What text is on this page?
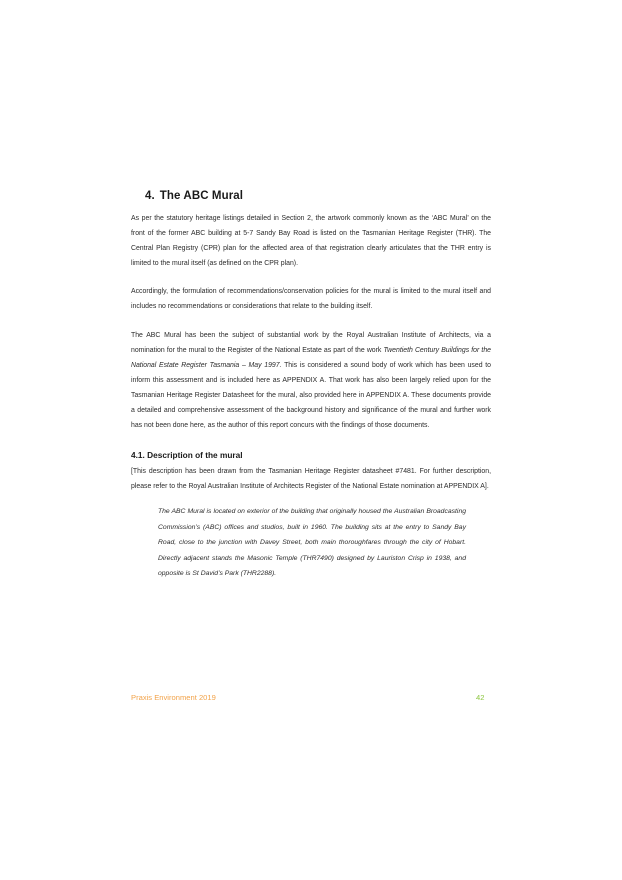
4. The ABC Mural

As per the statutory heritage listings detailed in Section 2, the artwork commonly known as the ‘ABC Mural’ on the front of the former ABC building at 5-7 Sandy Bay Road is listed on the Tasmanian Heritage Register (THR). The Central Plan Registry (CPR) plan for the affected area of that registration clearly articulates that the THR entry is limited to the mural itself (as defined on the CPR plan).

Accordingly, the formulation of recommendations/conservation policies for the mural is limited to the mural itself and includes no recommendations or considerations that relate to the building itself.

The ABC Mural has been the subject of substantial work by the Royal Australian Institute of Architects, via a nomination for the mural to the Register of the National Estate as part of the work Twentieth Century Buildings for the National Estate Register Tasmania – May 1997. This is considered a sound body of work which has been used to inform this assessment and is included here as APPENDIX A. That work has also been largely relied upon for the Tasmanian Heritage Register Datasheet for the mural, also provided here in APPENDIX A. These documents provide a detailed and comprehensive assessment of the background history and significance of the mural and further work has not been done here, as the author of this report concurs with the findings of those documents.

4.1. Description of the mural

[This description has been drawn from the Tasmanian Heritage Register datasheet #7481. For further description, please refer to the Royal Australian Institute of Architects Register of the National Estate nomination at APPENDIX A].

The ABC Mural is located on exterior of the building that originally housed the Australian Broadcasting Commission’s (ABC) offices and studios, built in 1960. The building sits at the entry to Sandy Bay Road, close to the junction with Davey Street, both main thoroughfares through the city of Hobart. Directly adjacent stands the Masonic Temple (THR7490) designed by Lauriston Crisp in 1938, and opposite is St David’s Park (THR2288).
Praxis Environment 2019	42
